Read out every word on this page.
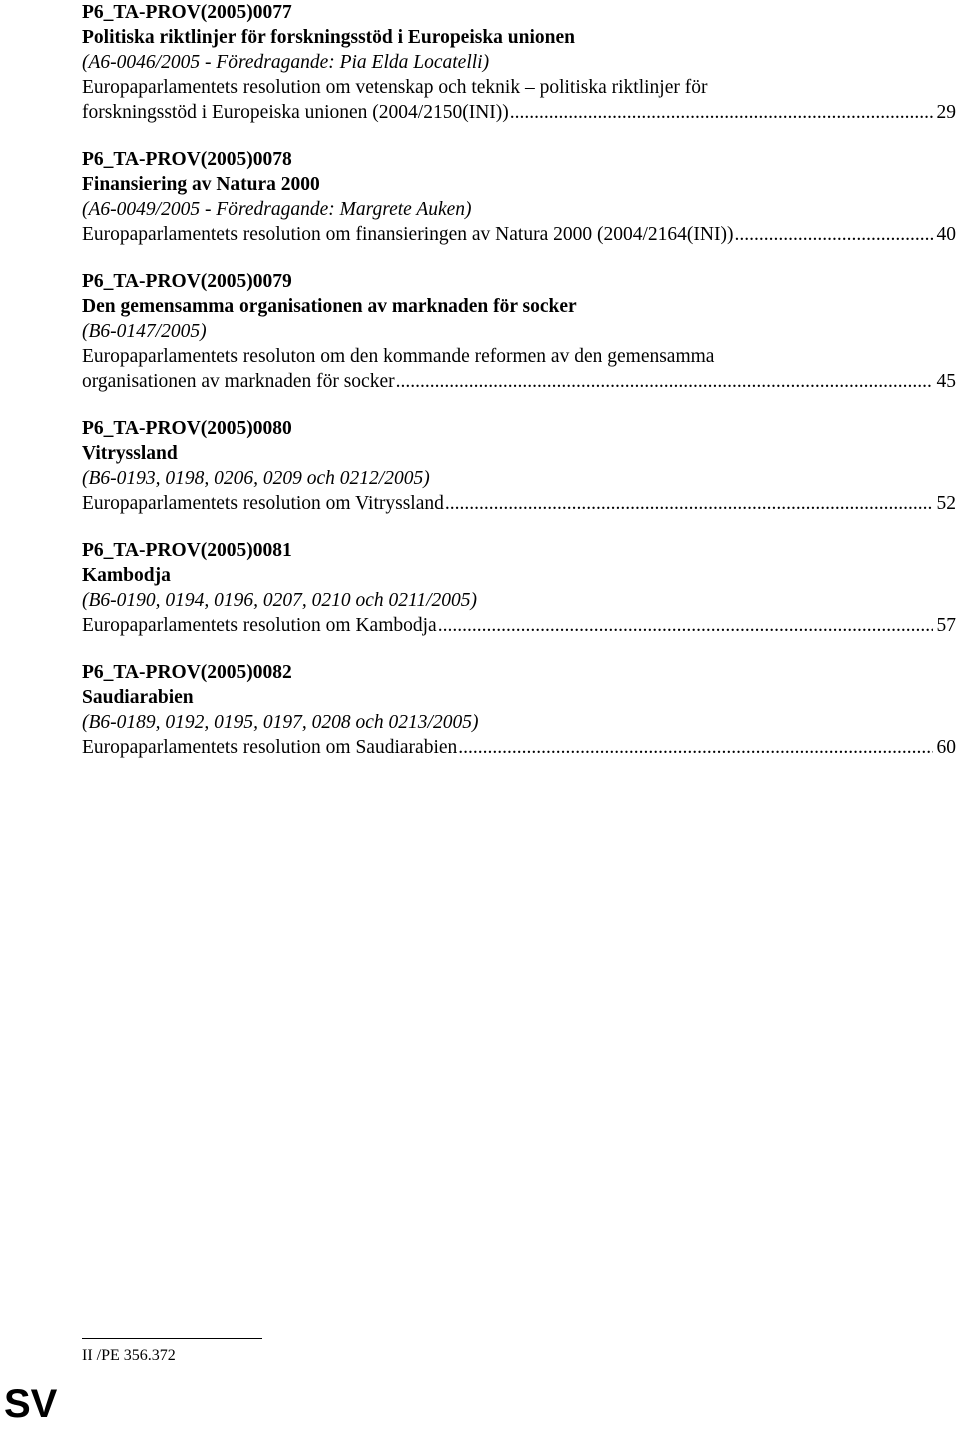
P6_TA-PROV(2005)0077
Politiska riktlinjer för forskningsstöd i Europeiska unionen
(A6-0046/2005 - Föredragande: Pia Elda Locatelli)
Europaparlamentets resolution om vetenskap och teknik – politiska riktlinjer för
forskningsstöd i Europeiska unionen (2004/2150(INI)) .....	29
P6_TA-PROV(2005)0078
Finansiering av Natura 2000
(A6-0049/2005 - Föredragande: Margrete Auken)
Europaparlamentets resolution om finansieringen av Natura 2000 (2004/2164(INI)) .....	40
P6_TA-PROV(2005)0079
Den gemensamma organisationen av marknaden för socker
(B6-0147/2005)
Europaparlamentets resoluton om den kommande reformen av den gemensamma
organisationen av marknaden för socker .....	45
P6_TA-PROV(2005)0080
Vitryssland
(B6-0193, 0198, 0206, 0209 och 0212/2005)
Europaparlamentets resolution om Vitryssland .....	52
P6_TA-PROV(2005)0081
Kambodja
(B6-0190, 0194, 0196, 0207, 0210 och 0211/2005)
Europaparlamentets resolution om Kambodja .....	57
P6_TA-PROV(2005)0082
Saudiarabien
(B6-0189, 0192, 0195, 0197, 0208 och 0213/2005)
Europaparlamentets resolution om Saudiarabien .....	60
II /PE 356.372
SV
